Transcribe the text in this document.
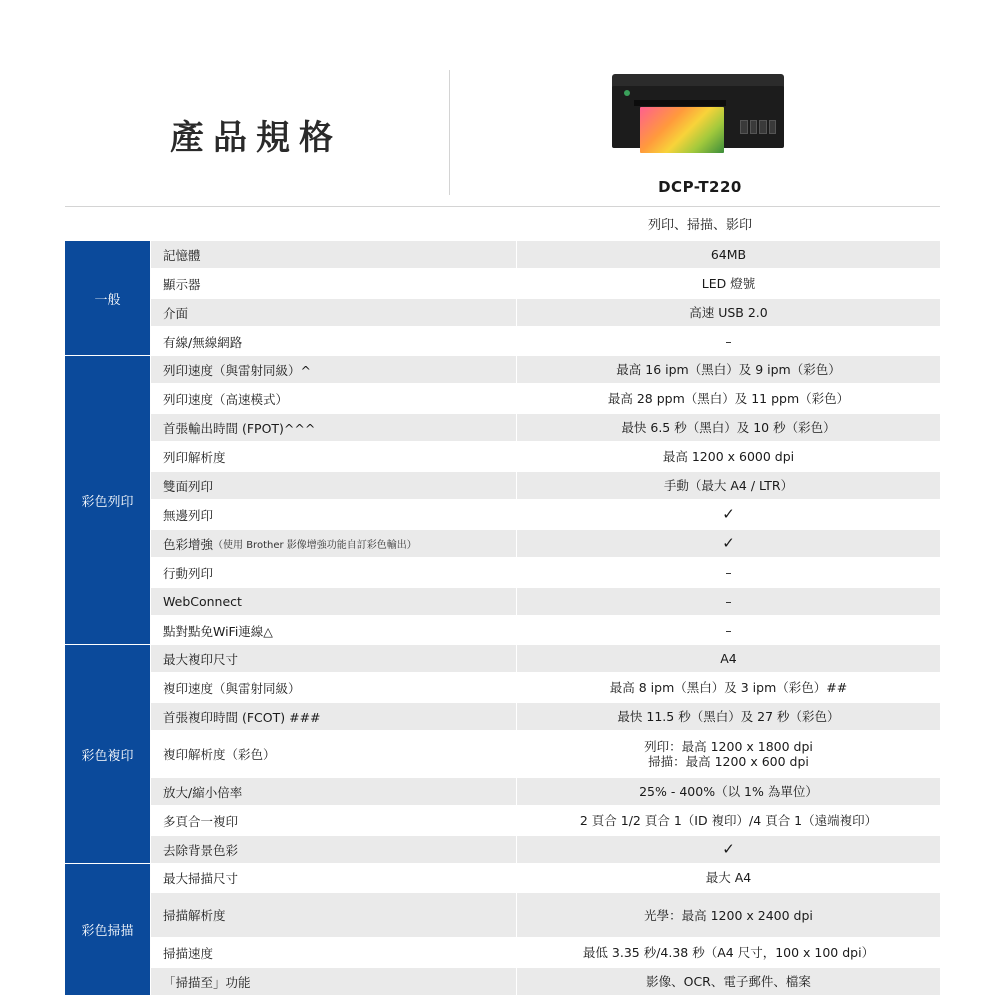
產品規格
DCP-T220
列印、掃描、影印
一般
記憶體	64MB
顯示器	LED 燈號
介面	高速 USB 2.0
有線/無線網路	–
彩色列印
列印速度（與雷射同級）^	最高 16 ipm（黑白）及 9 ipm（彩色）
列印速度（高速模式）	最高 28 ppm（黑白）及 11 ppm（彩色）
首張輸出時間 (FPOT)^^^	最快 6.5 秒（黑白）及 10 秒（彩色）
列印解析度	最高 1200 x 6000 dpi
雙面列印	手動（最大 A4 / LTR）
無邊列印	✓
色彩增強 （使用 Brother 影像增強功能自訂彩色輸出）	✓
行動列印	–
WebConnect	–
點對點免WiFi連線△	–
彩色複印
最大複印尺寸	A4
複印速度（與雷射同級）	最高 8 ipm（黑白）及 3 ipm（彩色）##
首張複印時間 (FCOT) ###	最快 11.5 秒（黑白）及 27 秒（彩色）
複印解析度（彩色）
列印：最高 1200 x 1800 dpi
掃描：最高 1200 x 600 dpi
放大/縮小倍率	25% - 400%（以 1% 為單位）
多頁合一複印	2 頁合 1/2 頁合 1（ID 複印）/4 頁合 1（遠端複印）
去除背景色彩	✓
彩色掃描
最大掃描尺寸	最大 A4
掃描解析度	光學：最高 1200 x 2400 dpi
掃描速度	最低 3.35 秒/4.38 秒（A4 尺寸，100 x 100 dpi）
「掃描至」功能	影像、OCR、電子郵件、檔案
